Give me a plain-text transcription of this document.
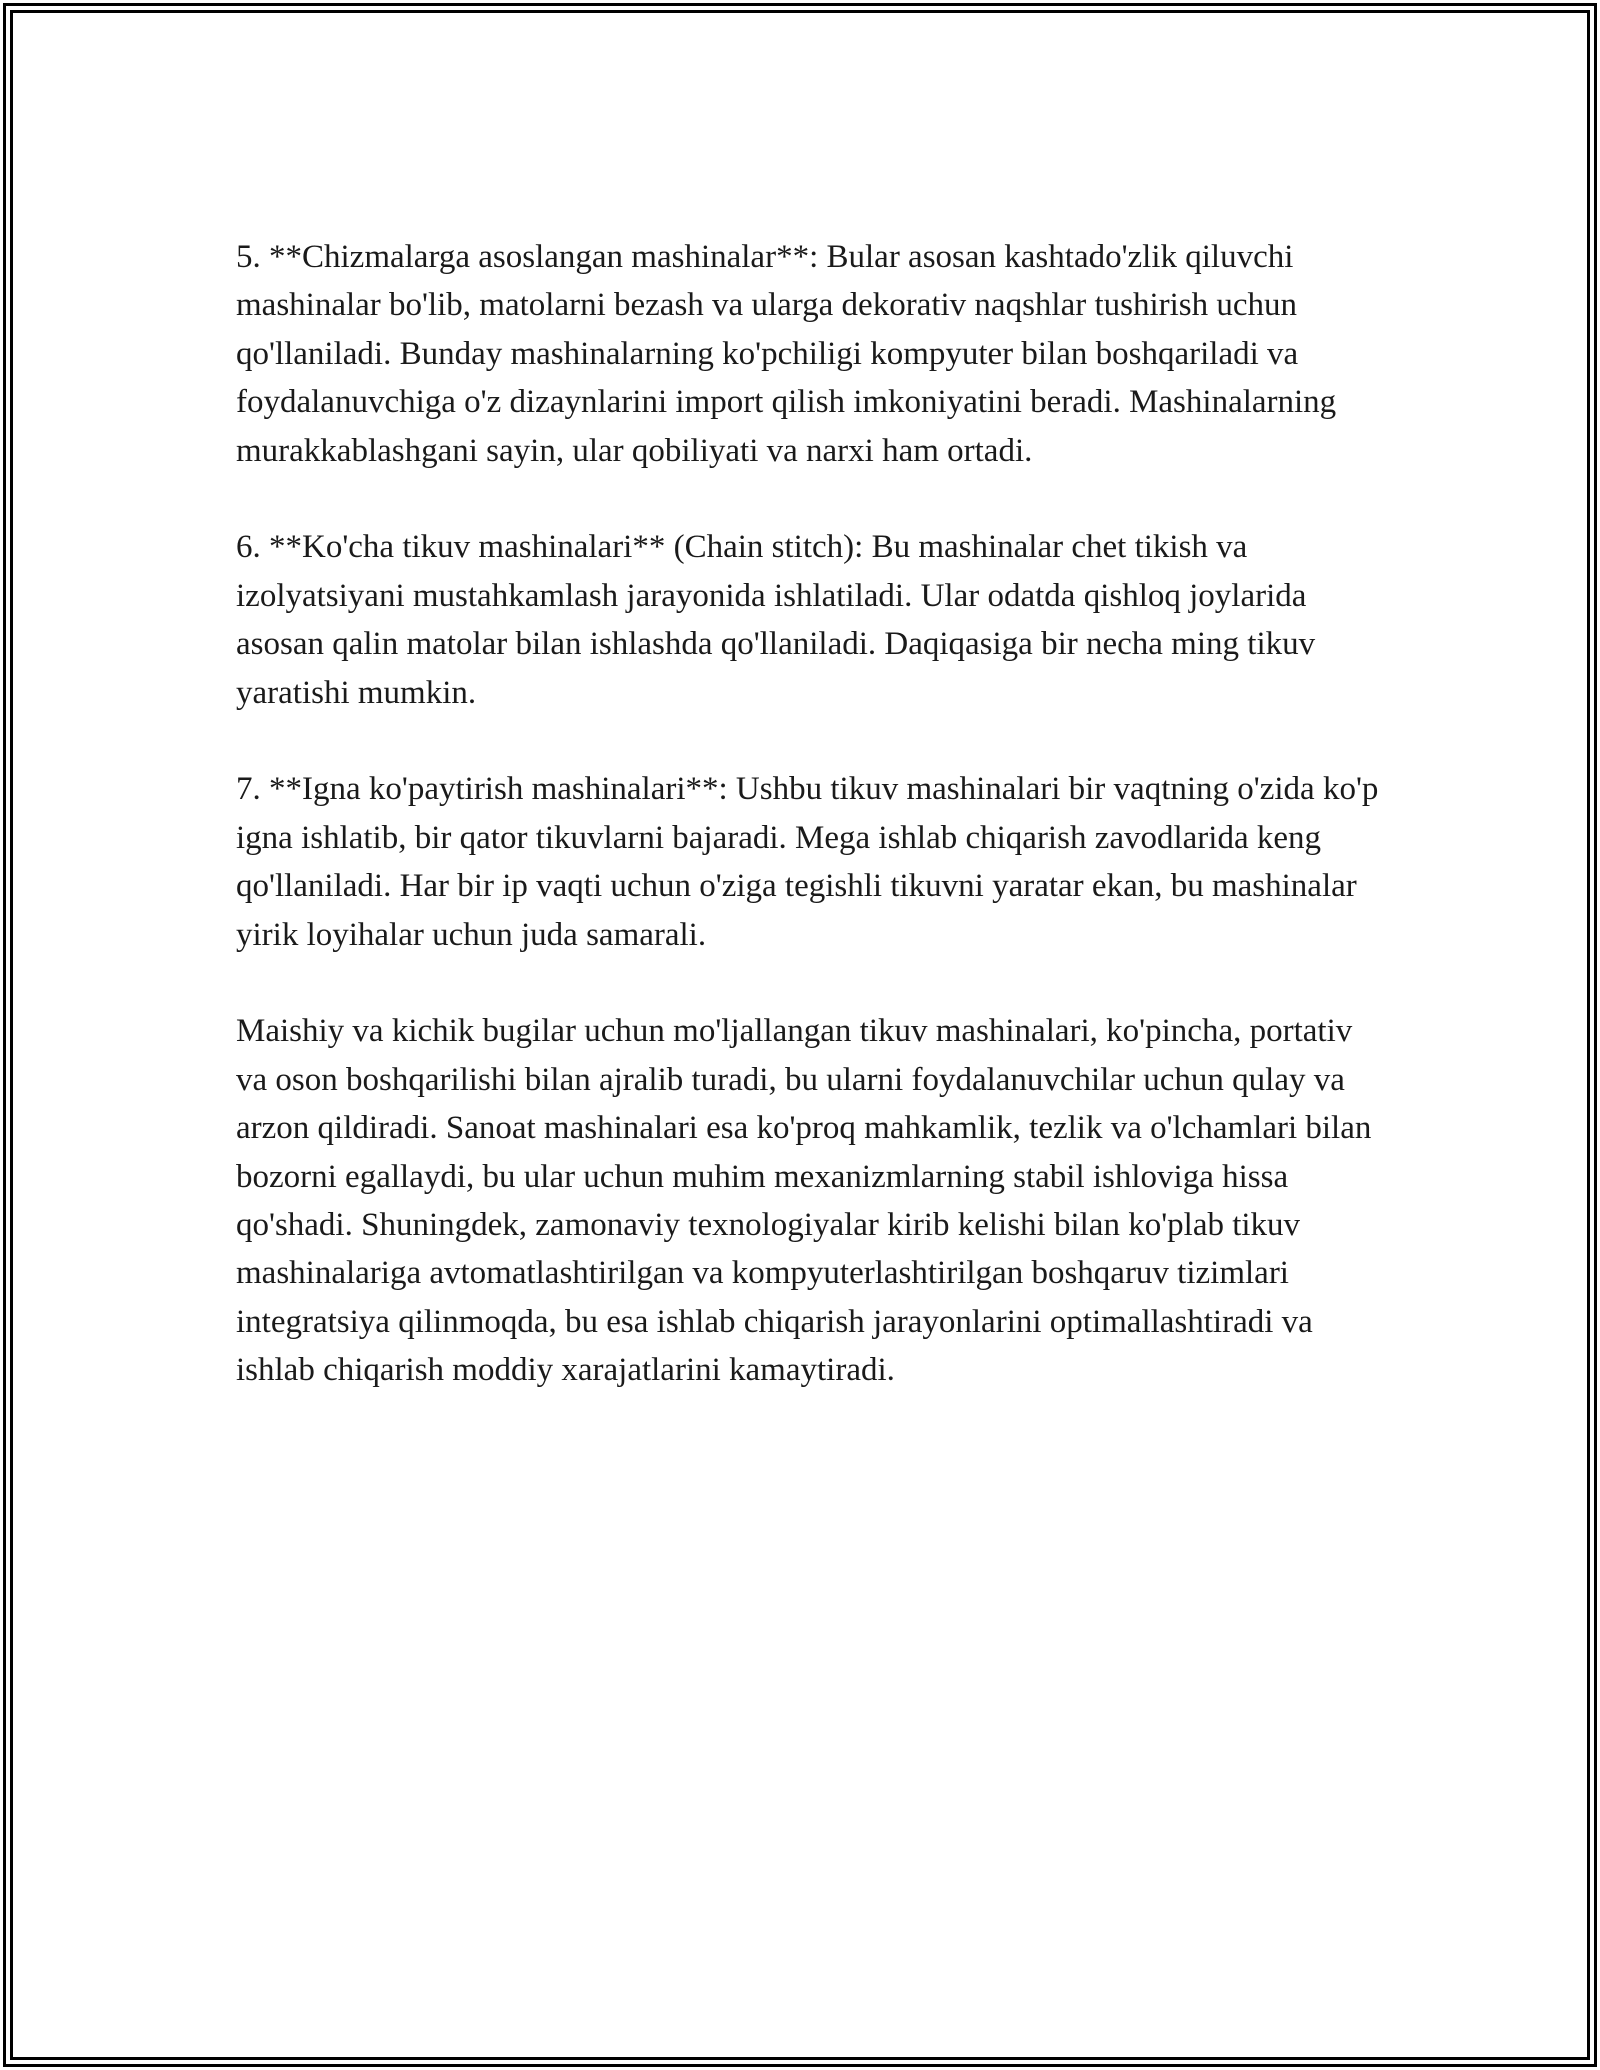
5. **Chizmalarga asoslangan mashinalar**: Bular asosan kashtado'zlik qiluvchi mashinalar bo'lib, matolarni bezash va ularga dekorativ naqshlar tushirish uchun qo'llaniladi. Bunday mashinalarning ko'pchiligi kompyuter bilan boshqariladi va foydalanuvchiga o'z dizaynlarini import qilish imkoniyatini beradi. Mashinalarning murakkablashgani sayin, ular qobiliyati va narxi ham ortadi.

6. **Ko'cha tikuv mashinalari** (Chain stitch): Bu mashinalar chet tikish va izolyatsiyani mustahkamlash jarayonida ishlatiladi. Ular odatda qishloq joylarida asosan qalin matolar bilan ishlashda qo'llaniladi. Daqiqasiga bir necha ming tikuv yaratishi mumkin.

7. **Igna ko'paytirish mashinalari**: Ushbu tikuv mashinalari bir vaqtning o'zida ko'p igna ishlatib, bir qator tikuvlarni bajaradi. Mega ishlab chiqarish zavodlarida keng qo'llaniladi. Har bir ip vaqti uchun o'ziga tegishli tikuvni yaratar ekan, bu mashinalar yirik loyihalar uchun juda samarali.

Maishiy va kichik bugilar uchun mo'ljallangan tikuv mashinalari, ko'pincha, portativ va oson boshqarilishi bilan ajralib turadi, bu ularni foydalanuvchilar uchun qulay va arzon qildiradi. Sanoat mashinalari esa ko'proq mahkamlik, tezlik va o'lchamlari bilan bozorni egallaydi, bu ular uchun muhim mexanizmlarning stabil ishloviga hissa qo'shadi. Shuningdek, zamonaviy texnologiyalar kirib kelishi bilan ko'plab tikuv mashinalariga avtomatlashtirilgan va kompyuterlashtirilgan boshqaruv tizimlari integratsiya qilinmoqda, bu esa ishlab chiqarish jarayonlarini optimallashtiradi va ishlab chiqarish moddiy xarajatlarini kamaytiradi.
